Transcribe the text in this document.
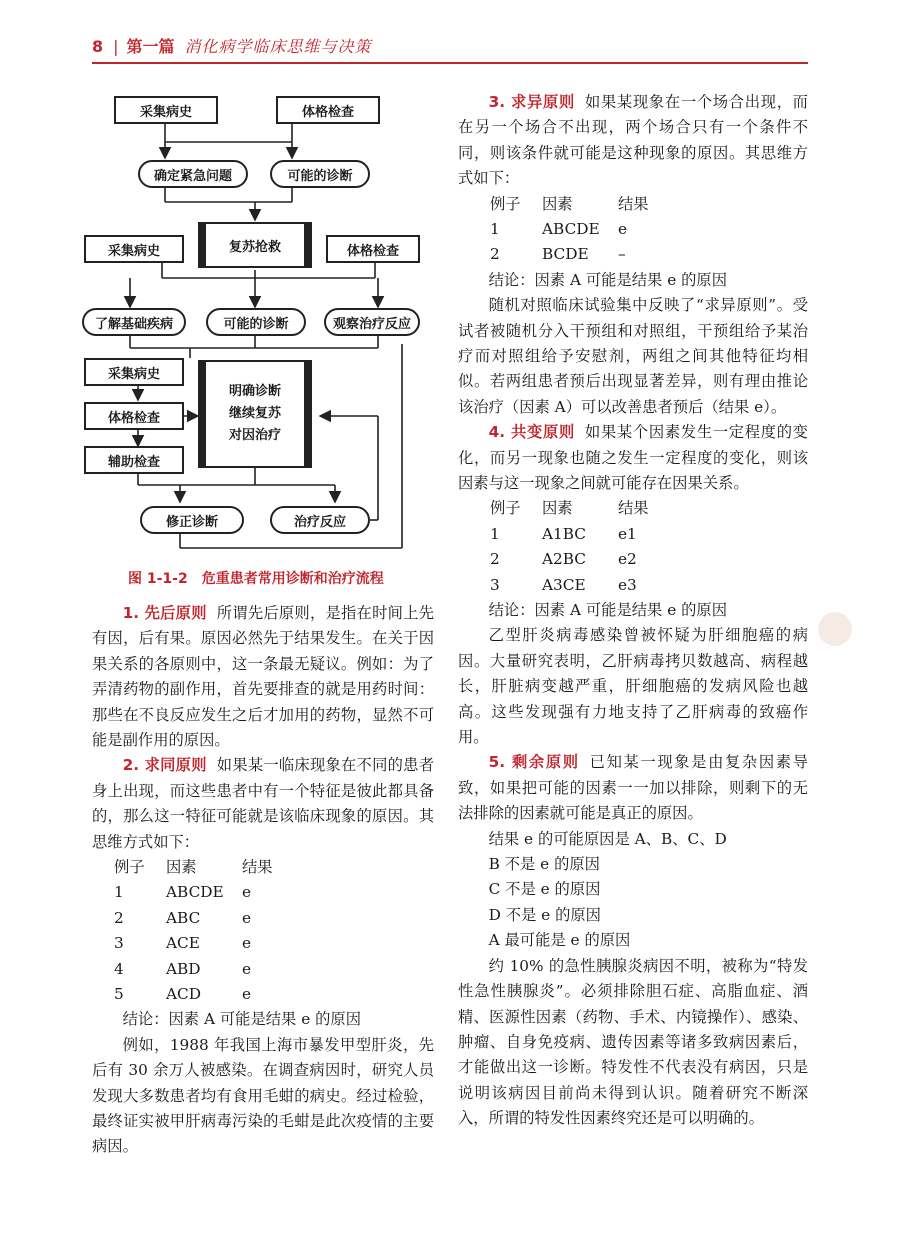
8 | 第一篇 消化病学临床思维与决策
采集病史	体格检查
确定紧急问题	可能的诊断
复苏抢救
采集病史	体格检查
了解基础疾病	可能的诊断	观察治疗反应
采集病史
体格检查
辅助检查
明确诊断
继续复苏
对因治疗
修正诊断	治疗反应
图 1-1-2　危重患者常用诊断和治疗流程

1. 先后原则 所谓先后原则，是指在时间上先有因，后有果。原因必然先于结果发生。在关于因果关系的各原则中，这一条最无疑议。例如：为了弄清药物的副作用，首先要排查的就是用药时间：那些在不良反应发生之后才加用的药物，显然不可能是副作用的原因。

2. 求同原则 如果某一临床现象在不同的患者身上出现，而这些患者中有一个特征是彼此都具备的，那么这一特征可能就是该临床现象的原因。其思维方式如下：

例子	因素	结果
1	ABCDE	e
2	ABC	e
3	ACE	e
4	ABD	e
5	ACD	e

结论：因素 A 可能是结果 e 的原因

例如，1988 年我国上海市暴发甲型肝炎，先后有 30 余万人被感染。在调查病因时，研究人员发现大多数患者均有食用毛蚶的病史。经过检验，最终证实被甲肝病毒污染的毛蚶是此次疫情的主要病因。

3. 求异原则 如果某现象在一个场合出现，而在另一个场合不出现，两个场合只有一个条件不同，则该条件就可能是这种现象的原因。其思维方式如下：

例子	因素	结果
1	ABCDE	e
2	BCDE	–

结论：因素 A 可能是结果 e 的原因

随机对照临床试验集中反映了“求异原则”。受试者被随机分入干预组和对照组，干预组给予某治疗而对照组给予安慰剂，两组之间其他特征均相似。若两组患者预后出现显著差异，则有理由推论该治疗（因素 A）可以改善患者预后（结果 e）。

4. 共变原则 如果某个因素发生一定程度的变化，而另一现象也随之发生一定程度的变化，则该因素与这一现象之间就可能存在因果关系。

例子	因素	结果
1	A1BC	e1
2	A2BC	e2
3	A3CE	e3

结论：因素 A 可能是结果 e 的原因

乙型肝炎病毒感染曾被怀疑为肝细胞癌的病因。大量研究表明，乙肝病毒拷贝数越高、病程越长，肝脏病变越严重，肝细胞癌的发病风险也越高。这些发现强有力地支持了乙肝病毒的致癌作用。

5. 剩余原则 已知某一现象是由复杂因素导致，如果把可能的因素一一加以排除，则剩下的无法排除的因素就可能是真正的原因。

结果 e 的可能原因是 A、B、C、D

B 不是 e 的原因

C 不是 e 的原因

D 不是 e 的原因

A 最可能是 e 的原因

约 10% 的急性胰腺炎病因不明，被称为“特发性急性胰腺炎”。必须排除胆石症、高脂血症、酒精、医源性因素（药物、手术、内镜操作）、感染、肿瘤、自身免疫病、遗传因素等诸多致病因素后，才能做出这一诊断。特发性不代表没有病因，只是说明该病因目前尚未得到认识。随着研究不断深入，所谓的特发性因素终究还是可以明确的。
